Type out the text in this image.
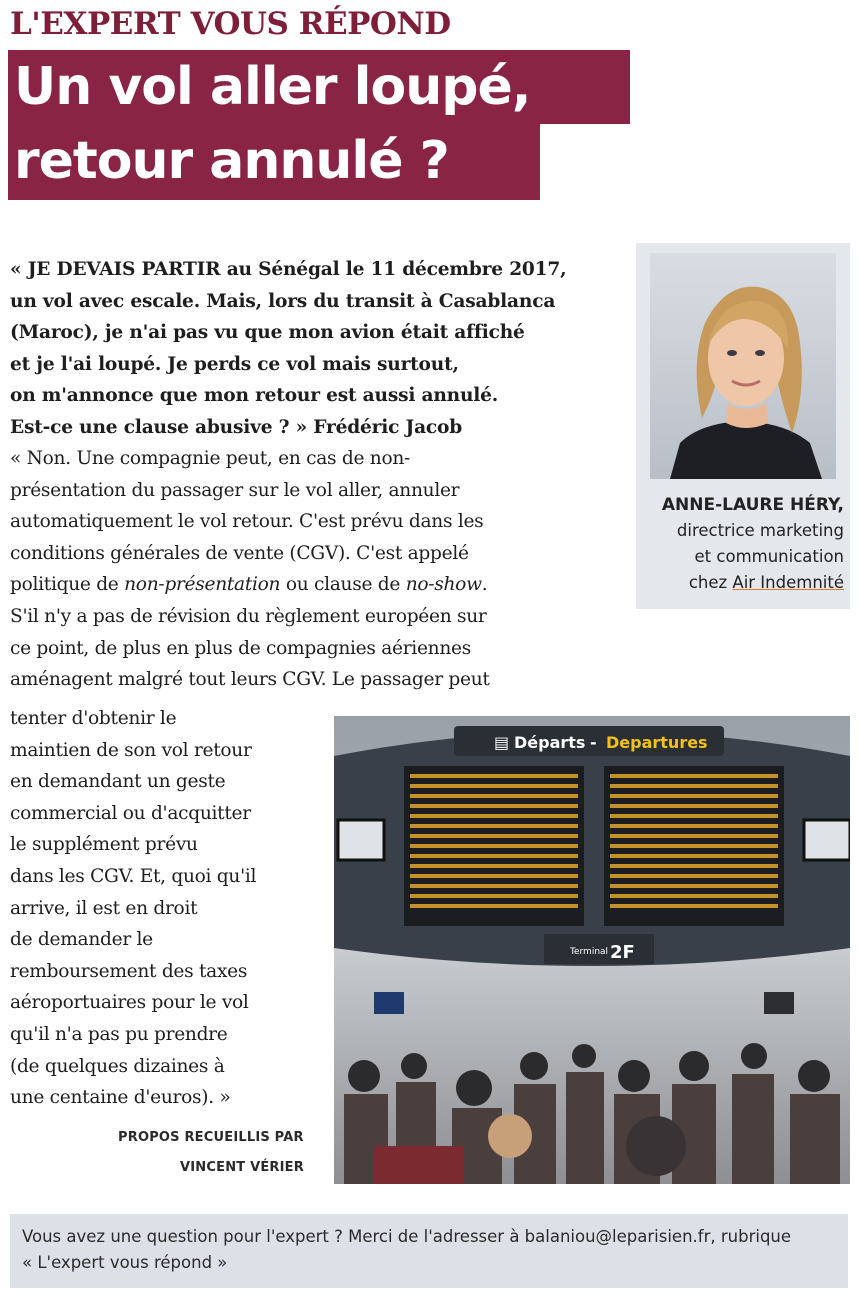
L'EXPERT VOUS RÉPOND
Un vol aller loupé,
retour annulé ?
« JE DEVAIS PARTIR au Sénégal le 11 décembre 2017,
un vol avec escale. Mais, lors du transit à Casablanca
(Maroc), je n'ai pas vu que mon avion était affiché
et je l'ai loupé. Je perds ce vol mais surtout,
on m'annonce que mon retour est aussi annulé.
Est-ce une clause abusive ? » Frédéric Jacob
« Non. Une compagnie peut, en cas de non-
présentation du passager sur le vol aller, annuler
automatiquement le vol retour. C'est prévu dans les
conditions générales de vente (CGV). C'est appelé
politique de non-présentation ou clause de no-show.
S'il n'y a pas de révision du règlement européen sur
ce point, de plus en plus de compagnies aériennes
aménagent malgré tout leurs CGV. Le passager peut
tenter d'obtenir le
maintien de son vol retour
en demandant un geste
commercial ou d'acquitter
le supplément prévu
dans les CGV. Et, quoi qu'il
arrive, il est en droit
de demander le
remboursement des taxes
aéroportuaires pour le vol
qu'il n'a pas pu prendre
(de quelques dizaines à
une centaine d'euros). »
PROPOS RECUEILLIS PAR
VINCENT VÉRIER
ANNE-LAURE HÉRY,
directrice marketing
et communication
chez Air Indemnité
▤ Départs - Departures
Terminal 2F
Vous avez une question pour l'expert ? Merci de l'adresser à balaniou@leparisien.fr, rubrique
« L'expert vous répond »
